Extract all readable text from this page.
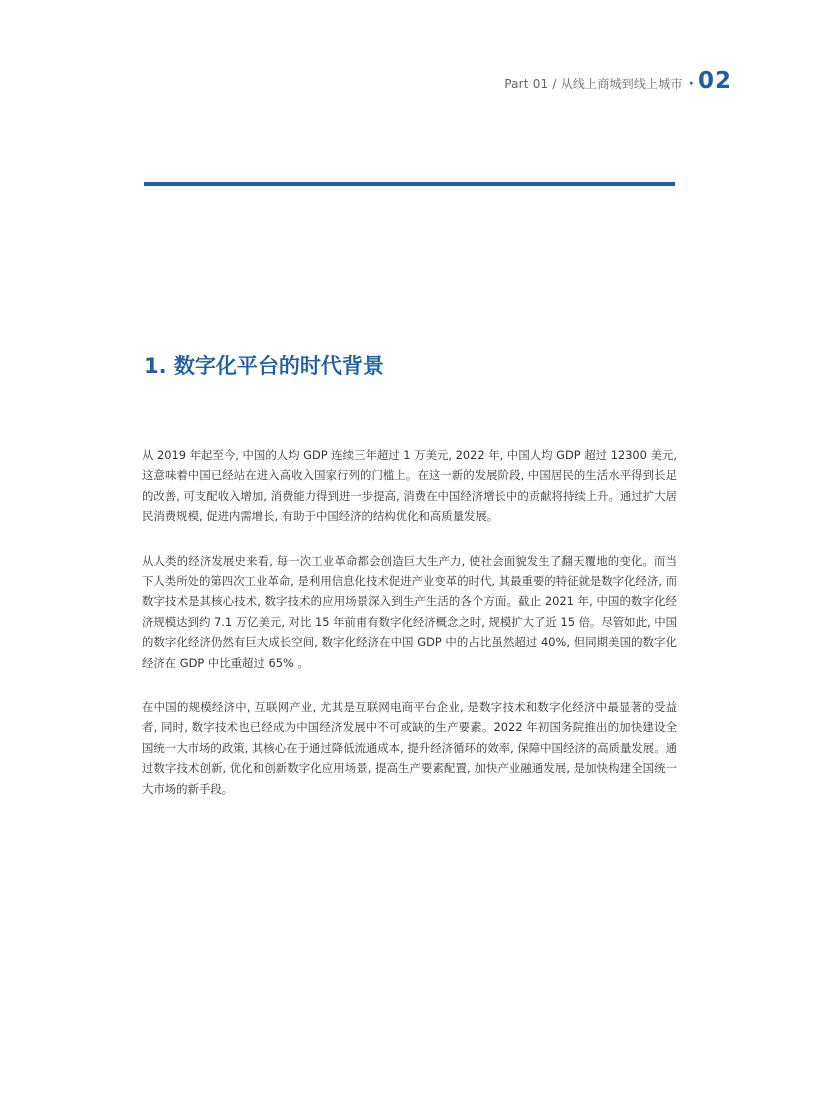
Part 01 / 从线上商城到线上城市 · 02
1. 数字化平台的时代背景

从 2019 年起至今, 中国的人均 GDP 连续三年超过 1 万美元, 2022 年, 中国人均 GDP 超过 12300 美元, 这意味着中国已经站在进入高收入国家行列的门槛上。在这一新的发展阶段, 中国居民的生活水平得到长足的改善, 可支配收入增加, 消费能力得到进一步提高, 消费在中国经济增长中的贡献将持续上升。通过扩大居民消费规模, 促进内需增长, 有助于中国经济的结构优化和高质量发展。

从人类的经济发展史来看, 每一次工业革命都会创造巨大生产力, 使社会面貌发生了翻天覆地的变化。而当下人类所处的第四次工业革命, 是利用信息化技术促进产业变革的时代, 其最重要的特征就是数字化经济, 而数字技术是其核心技术, 数字技术的应用场景深入到生产生活的各个方面。截止 2021 年, 中国的数字化经济规模达到约 7.1 万亿美元, 对比 15 年前甫有数字化经济概念之时, 规模扩大了近 15 倍。尽管如此, 中国的数字化经济仍然有巨大成长空间, 数字化经济在中国 GDP 中的占比虽然超过 40%, 但同期美国的数字化经济在 GDP 中比重超过 65% 。

在中国的规模经济中, 互联网产业, 尤其是互联网电商平台企业, 是数字技术和数字化经济中最显著的受益者, 同时, 数字技术也已经成为中国经济发展中不可或缺的生产要素。2022 年初国务院推出的加快建设全国统一大市场的政策, 其核心在于通过降低流通成本, 提升经济循环的效率, 保障中国经济的高质量发展。通过数字技术创新, 优化和创新数字化应用场景, 提高生产要素配置, 加快产业融通发展, 是加快构建全国统一大市场的新手段。
